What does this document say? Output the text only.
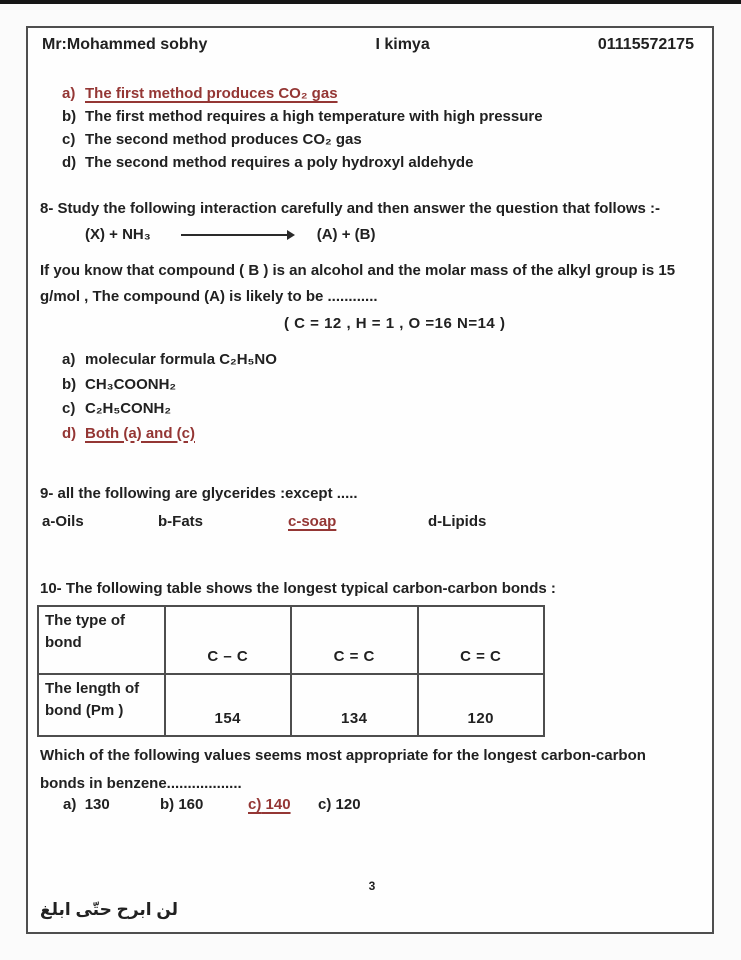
Mr:Mohammed sobhy	I kimya	01115572175
a) The first method produces CO₂ gas
b) The first method requires a high temperature with high pressure
c) The second method produces CO₂ gas
d) The second method requires a poly hydroxyl aldehyde
8- Study the following interaction carefully and then answer the question that follows :-
(X) + NH₃	(A) + (B)
If you know that compound ( B ) is an alcohol and the molar mass of the alkyl group is 15
g/mol , The compound (A) is likely to be ............
( C = 12 , H = 1 , O =16 N=14 )
a) molecular formula C₂H₅NO
b) CH₃COONH₂
c) C₂H₅CONH₂
d) Both (a) and (c)
9- all the following are glycerides :except .....
a-Oils	b-Fats	c-soap	d-Lipids
10- The following table shows the longest typical carbon-carbon bonds :
The type of bond	C – C	C = C	C = C
The length of bond (Pm )	154	134	120
Which of the following values seems most appropriate for the longest carbon-carbon
bonds in benzene..................
a) 130	b) 160	c) 140 c) 120
3
لن ابرح حتّى ابلغ
